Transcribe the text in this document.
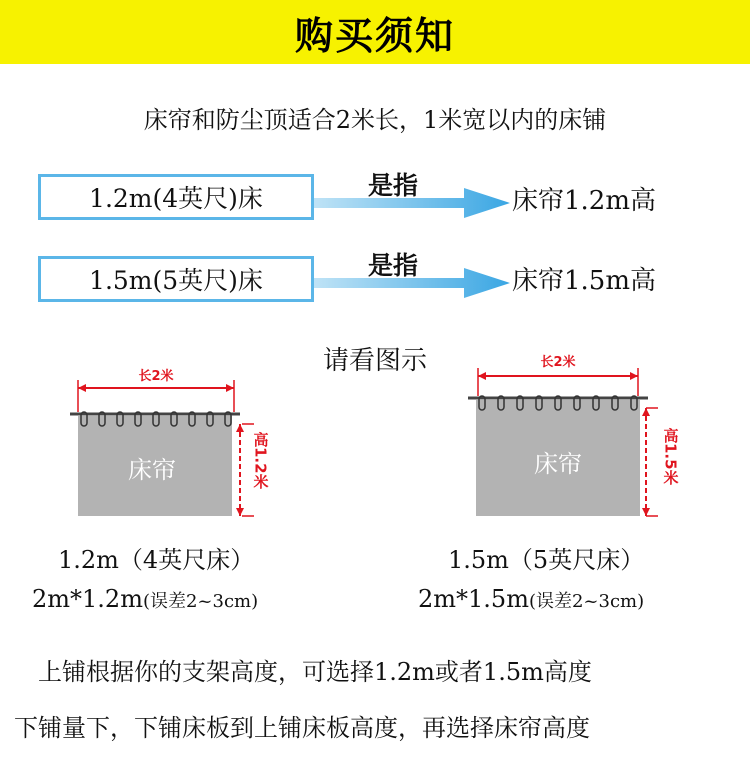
购买须知
床帘和防尘顶适合2米长，1米宽以内的床铺
1.2m(4英尺)床	是指
床帘1.2m高
1.5m(5英尺)床
是指
床帘1.5m高
请看图示
长2米
床帘	高1.2米
长2米
床帘	高1.5米
1.2m（4英尺床）
2m*1.2m(误差2~3cm)
1.5m（5英尺床）
2m*1.5m(误差2~3cm)
上铺根据你的支架高度，可选择1.2m或者1.5m高度
下铺量下，下铺床板到上铺床板高度，再选择床帘高度
